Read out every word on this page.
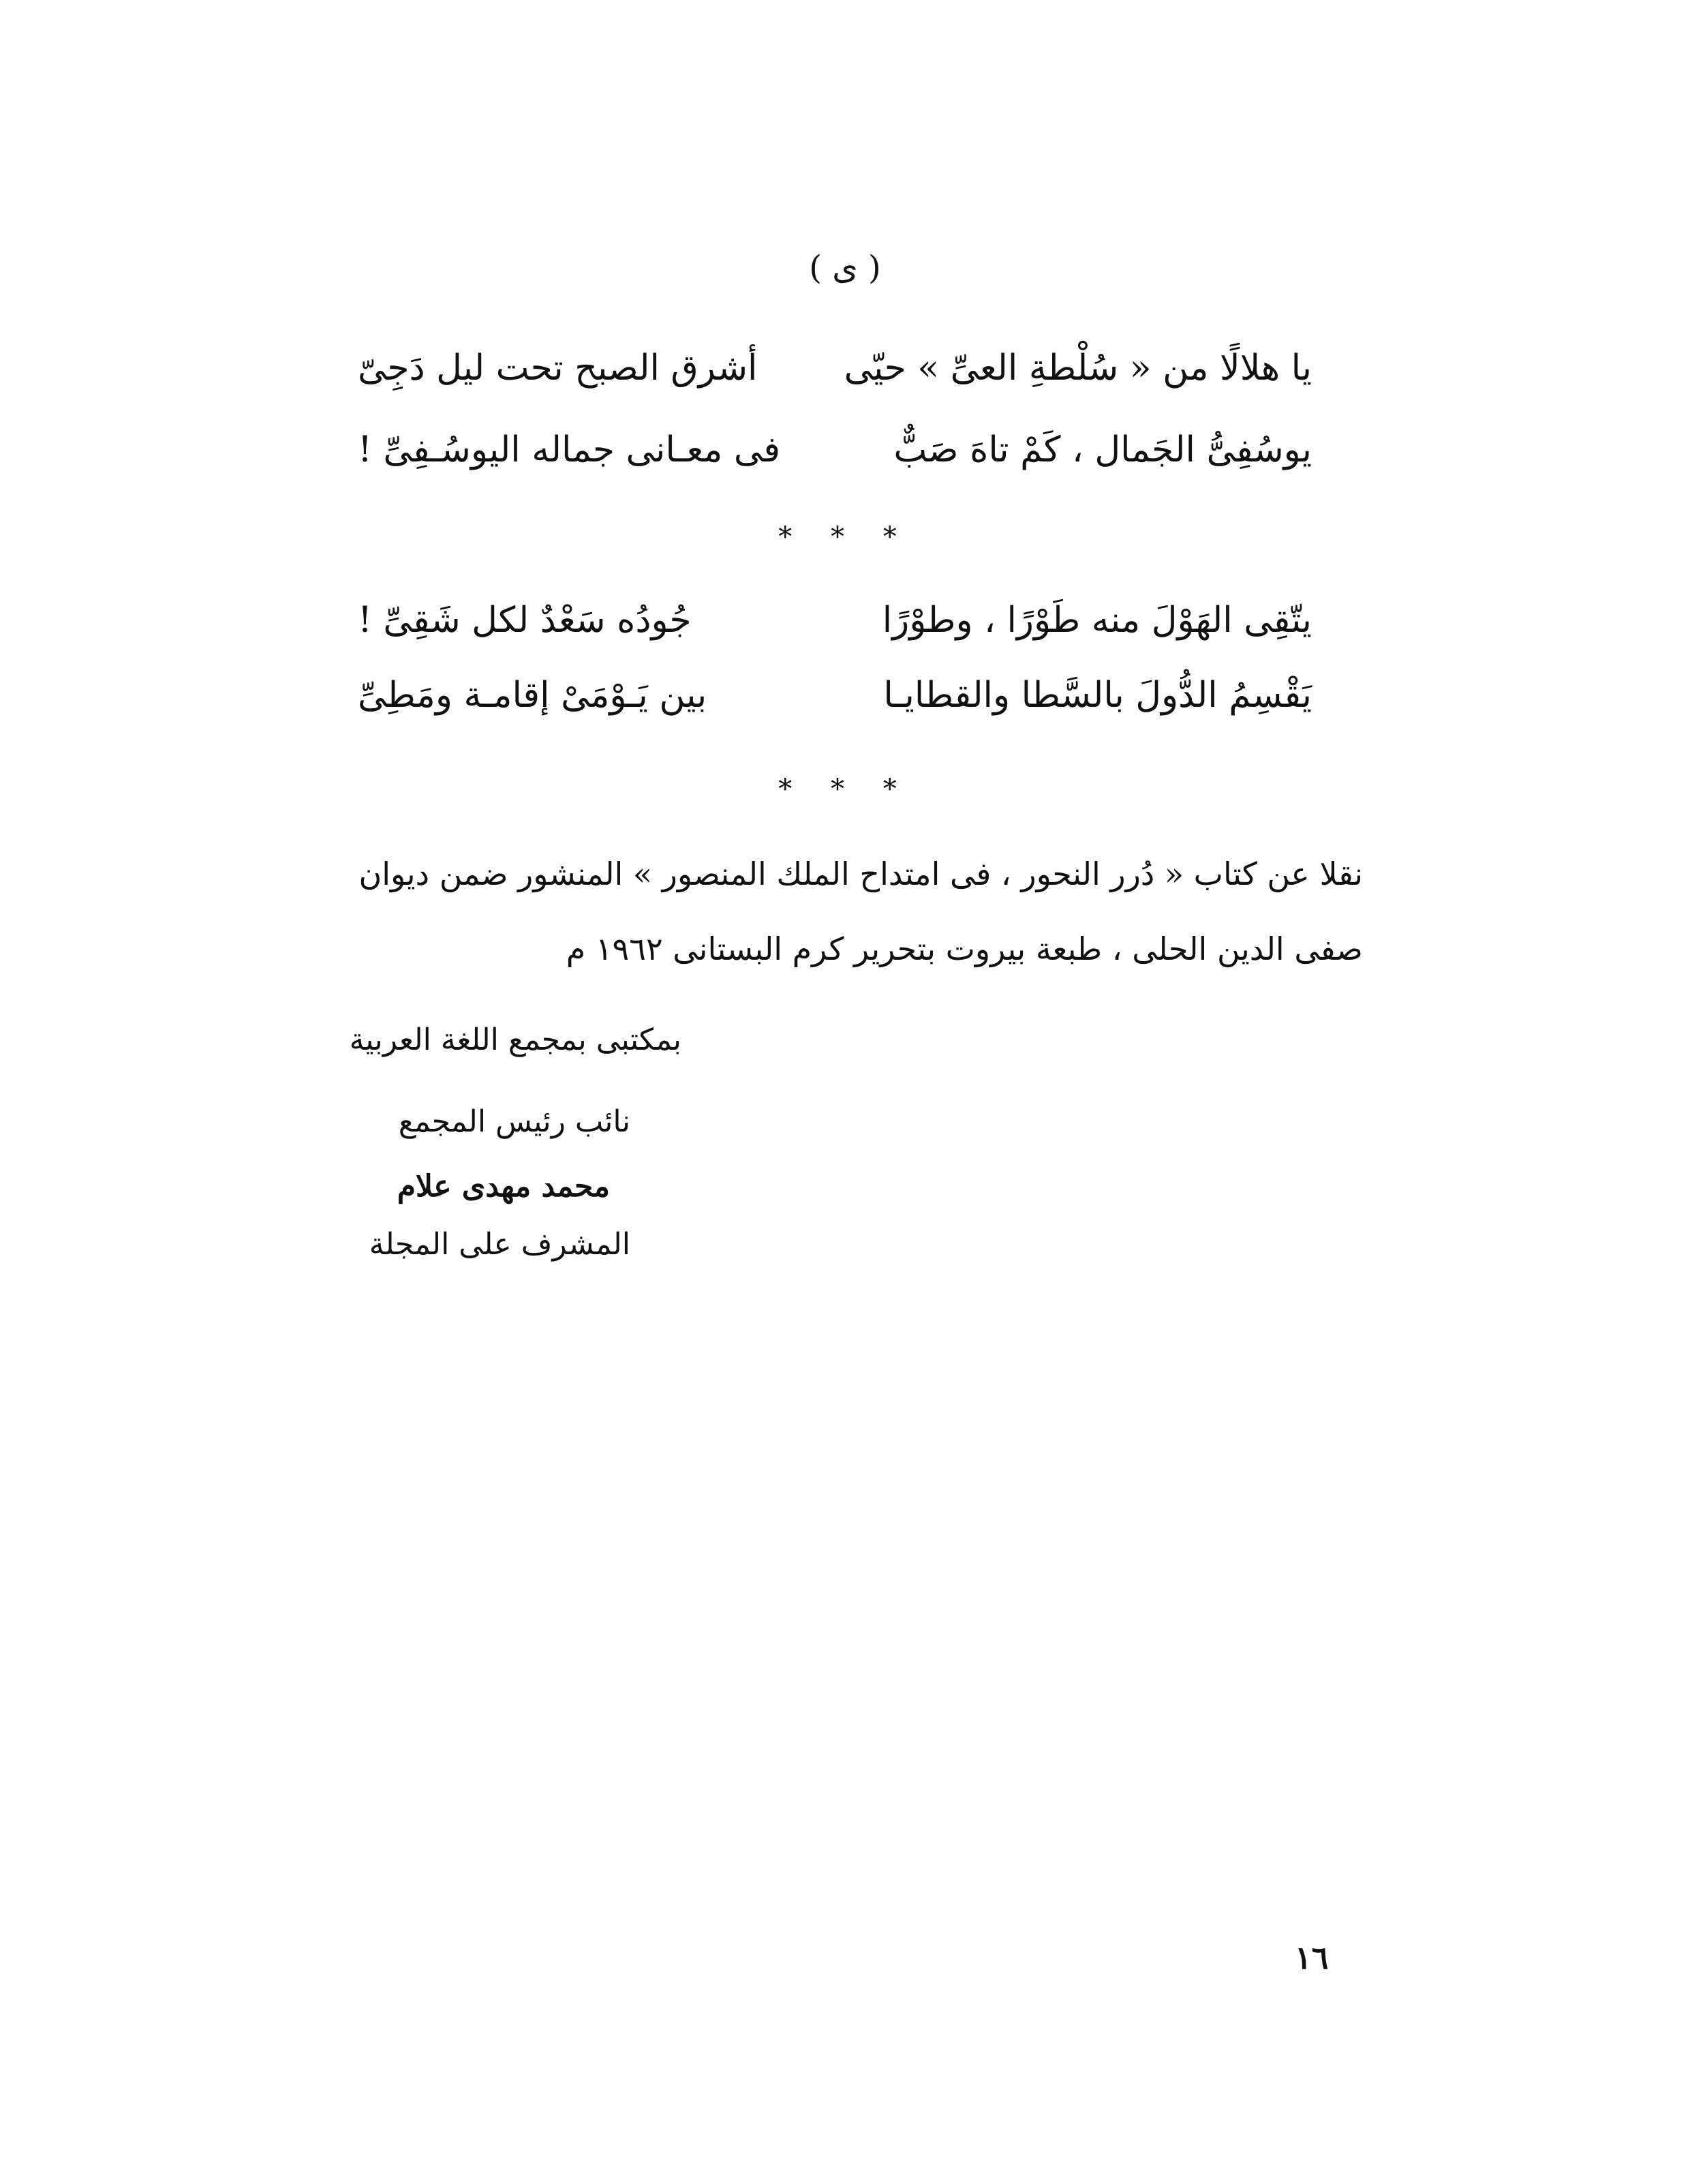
( ى )
يا هلالًا من « سُلْطةِ العىِّ » حيّى
أشرق الصبح تحت ليل دَجِىّ
يوسُفِىُّ الجَمال ، كَمْ تاهَ صَبٌّ
فى معـانى جماله اليوسُـفِىِّ !
* * *
يتّقِى الهَوْلَ منه طَوْرًا ، وطوْرًا
جُودُه سَعْدٌ لكل شَقِىِّ !
يَقْسِمُ الدُّولَ بالسَّطا والقطايـا
بين يَـوْمَىْ إقامـة ومَطِىِّ
* * *
نقلا عن كتاب « دُرر النحور ، فى امتداح الملك المنصور » المنشور ضمن ديوان
صفى الدين الحلى ، طبعة بيروت بتحرير كرم البستانى ١٩٦٢ م
بمكتبى بمجمع اللغة العربية
نائب رئيس المجمع
محمد مهدى علام
المشرف على المجلة
١٦
